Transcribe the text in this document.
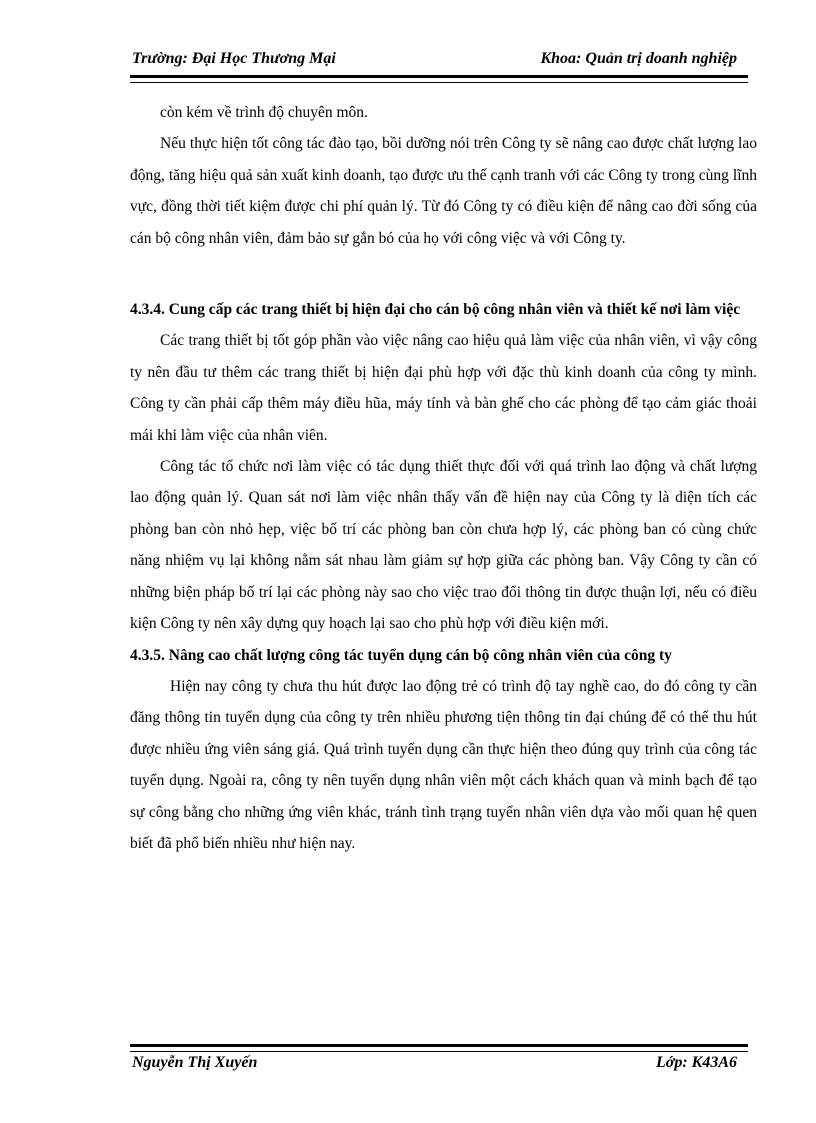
Trường: Đại Học Thương Mại	Khoa: Quản trị doanh nghiệp

còn kém về trình độ chuyên môn.

Nếu thực hiện tốt công tác đào tạo, bồi dưỡng nói trên Công ty sẽ nâng cao được chất lượng lao động, tăng hiệu quả sản xuất kinh doanh, tạo được ưu thế cạnh tranh với các Công ty trong cùng lĩnh vực, đồng thời tiết kiệm được chi phí quản lý. Từ đó Công ty có điều kiện để nâng cao đời sống của cán bộ công nhân viên, đảm bảo sự gắn bó của họ với công việc và với Công ty.

4.3.4. Cung cấp các trang thiết bị hiện đại cho cán bộ công nhân viên và thiết kế nơi làm việc

Các trang thiết bị tốt góp phần vào việc nâng cao hiệu quả làm việc của nhân viên, vì vậy công ty nên đầu tư thêm các trang thiết bị hiện đại phù hợp với đặc thù kinh doanh của công ty mình. Công ty cần phải cấp thêm máy điều hũa, máy tính và bàn ghế cho các phòng để tạo cảm giác thoải mái khi làm việc của nhân viên.

Công tác tổ chức nơi làm việc có tác dụng thiết thực đối với quá trình lao động và chất lượng lao động quản lý. Quan sát nơi làm việc nhân thấy vấn đề hiện nay của Công ty là diện tích các phòng ban còn nhỏ hẹp, việc bố trí các phòng ban còn chưa hợp lý, các phòng ban có cùng chức năng nhiệm vụ lại không nằm sát nhau làm giảm sự hợp giữa các phòng ban. Vậy Công ty cần có những biện pháp bố trí lại các phòng này sao cho việc trao đổi thông tin được thuận lợi, nếu có điều kiện Công ty nên xây dựng quy hoạch lại sao cho phù hợp với điều kiện mới.

4.3.5. Nâng cao chất lượng công tác tuyển dụng cán bộ công nhân viên của công ty

Hiện nay công ty chưa thu hút được lao động trẻ có trình độ tay nghề cao, do đó công ty cần đăng thông tin tuyển dụng của công ty trên nhiều phương tiện thông tin đại chúng để có thể thu hút được nhiều ứng viên sáng giá. Quá trình tuyển dụng cần thực hiện theo đúng quy trình của công tác tuyển dụng. Ngoài ra, công ty nên tuyển dụng nhân viên một cách khách quan và minh bạch để tạo sự công bằng cho những ứng viên khác, tránh tình trạng tuyển nhân viên dựa vào mối quan hệ quen biết đã phổ biến nhiều như hiện nay.

Nguyễn Thị Xuyến	Lớp: K43A6
